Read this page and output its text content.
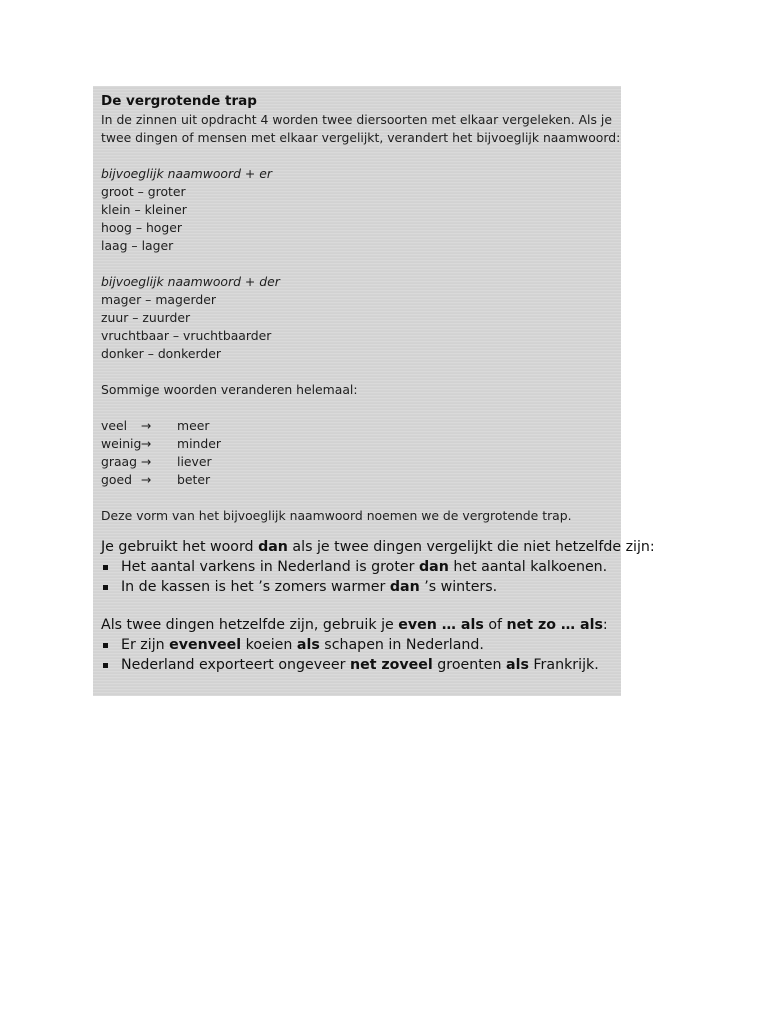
De vergrotende trap
In de zinnen uit opdracht 4 worden twee diersoorten met elkaar vergeleken. Als je
twee dingen of mensen met elkaar vergelijkt, verandert het bijvoeglijk naamwoord:
bijvoeglijk naamwoord + er
groot – groter
klein – kleiner
hoog – hoger
laag – lager
bijvoeglijk naamwoord + der
mager – magerder
zuur – zuurder
vruchtbaar – vruchtbaarder
donker – donkerder
Sommige woorden veranderen helemaal:
veel	→	meer
weinig →	minder
graag →	liever
goed →	beter
Deze vorm van het bijvoeglijk naamwoord noemen we de vergrotende trap.
Je gebruikt het woord dan als je twee dingen vergelijkt die niet hetzelfde zijn:
Het aantal varkens in Nederland is groter dan het aantal kalkoenen.
In de kassen is het ’s zomers warmer dan ’s winters.
Als twee dingen hetzelfde zijn, gebruik je even … als of net zo … als:
Er zijn evenveel koeien als schapen in Nederland.
Nederland exporteert ongeveer net zoveel groenten als Frankrijk.
